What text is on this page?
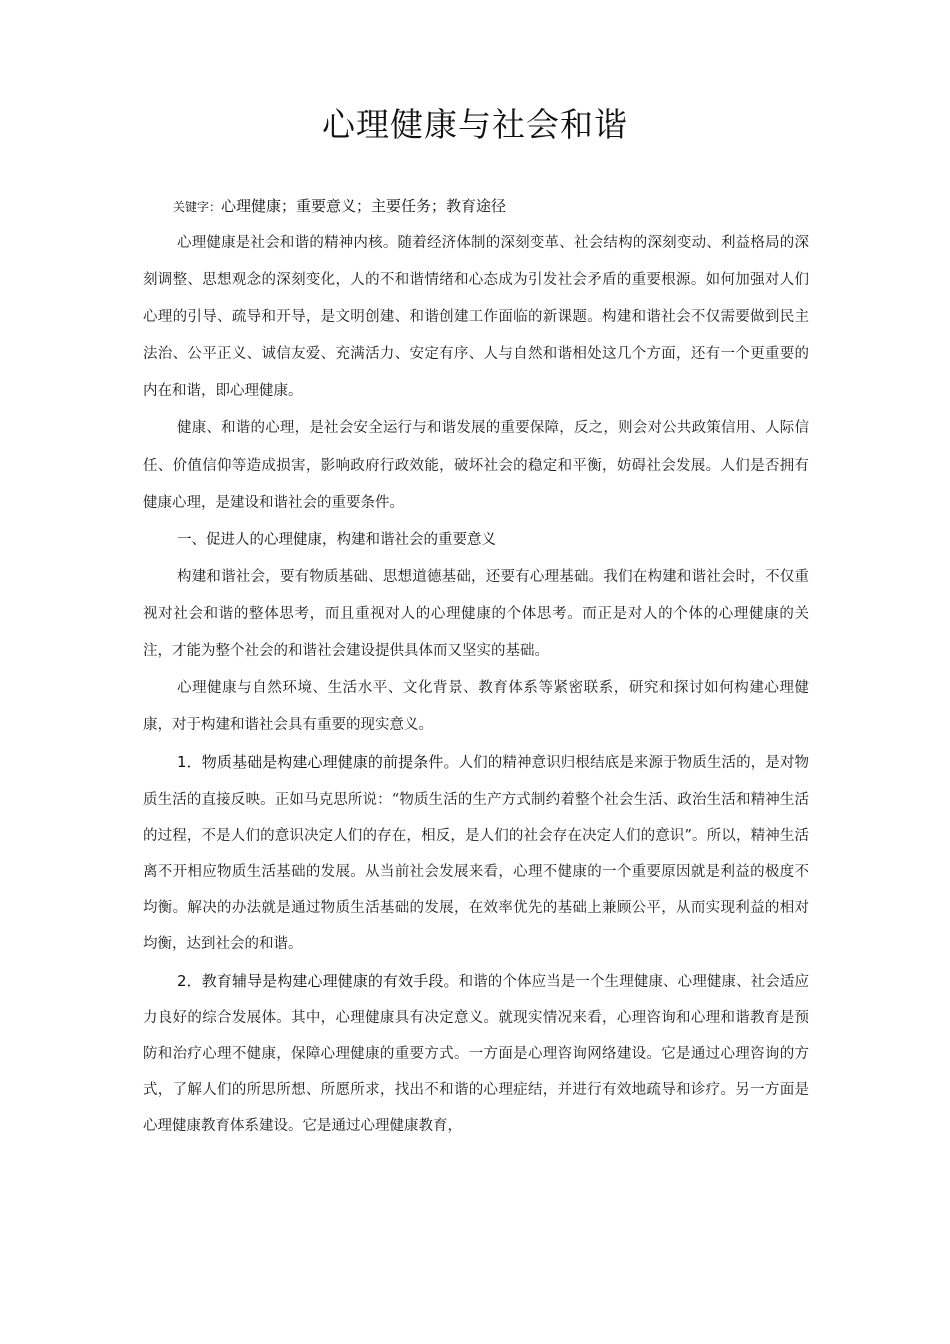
心理健康与社会和谐
关键字：心理健康；重要意义；主要任务；教育途径

心理健康是社会和谐的精神内核。随着经济体制的深刻变革、社会结构的深刻变动、利益格局的深刻调整、思想观念的深刻变化，人的不和谐情绪和心态成为引发社会矛盾的重要根源。如何加强对人们心理的引导、疏导和开导，是文明创建、和谐创建工作面临的新课题。构建和谐社会不仅需要做到民主法治、公平正义、诚信友爱、充满活力、安定有序、人与自然和谐相处这几个方面，还有一个更重要的内在和谐，即心理健康。

健康、和谐的心理，是社会安全运行与和谐发展的重要保障，反之，则会对公共政策信用、人际信任、价值信仰等造成损害，影响政府行政效能，破坏社会的稳定和平衡，妨碍社会发展。人们是否拥有健康心理，是建设和谐社会的重要条件。

一、促进人的心理健康，构建和谐社会的重要意义

构建和谐社会，要有物质基础、思想道德基础，还要有心理基础。我们在构建和谐社会时，不仅重视对社会和谐的整体思考，而且重视对人的心理健康的个体思考。而正是对人的个体的心理健康的关注，才能为整个社会的和谐社会建设提供具体而又坚实的基础。

心理健康与自然环境、生活水平、文化背景、教育体系等紧密联系，研究和探讨如何构建心理健康，对于构建和谐社会具有重要的现实意义。

1．物质基础是构建心理健康的前提条件。人们的精神意识归根结底是来源于物质生活的，是对物质生活的直接反映。正如马克思所说：“物质生活的生产方式制约着整个社会生活、政治生活和精神生活的过程，不是人们的意识决定人们的存在，相反，是人们的社会存在决定人们的意识”。所以，精神生活离不开相应物质生活基础的发展。从当前社会发展来看，心理不健康的一个重要原因就是利益的极度不均衡。解决的办法就是通过物质生活基础的发展，在效率优先的基础上兼顾公平，从而实现利益的相对均衡，达到社会的和谐。

2．教育辅导是构建心理健康的有效手段。和谐的个体应当是一个生理健康、心理健康、社会适应力良好的综合发展体。其中，心理健康具有决定意义。就现实情况来看，心理咨询和心理和谐教育是预防和治疗心理不健康，保障心理健康的重要方式。一方面是心理咨询网络建设。它是通过心理咨询的方式，了解人们的所思所想、所愿所求，找出不和谐的心理症结，并进行有效地疏导和诊疗。另一方面是心理健康教育体系建设。它是通过心理健康教育，
